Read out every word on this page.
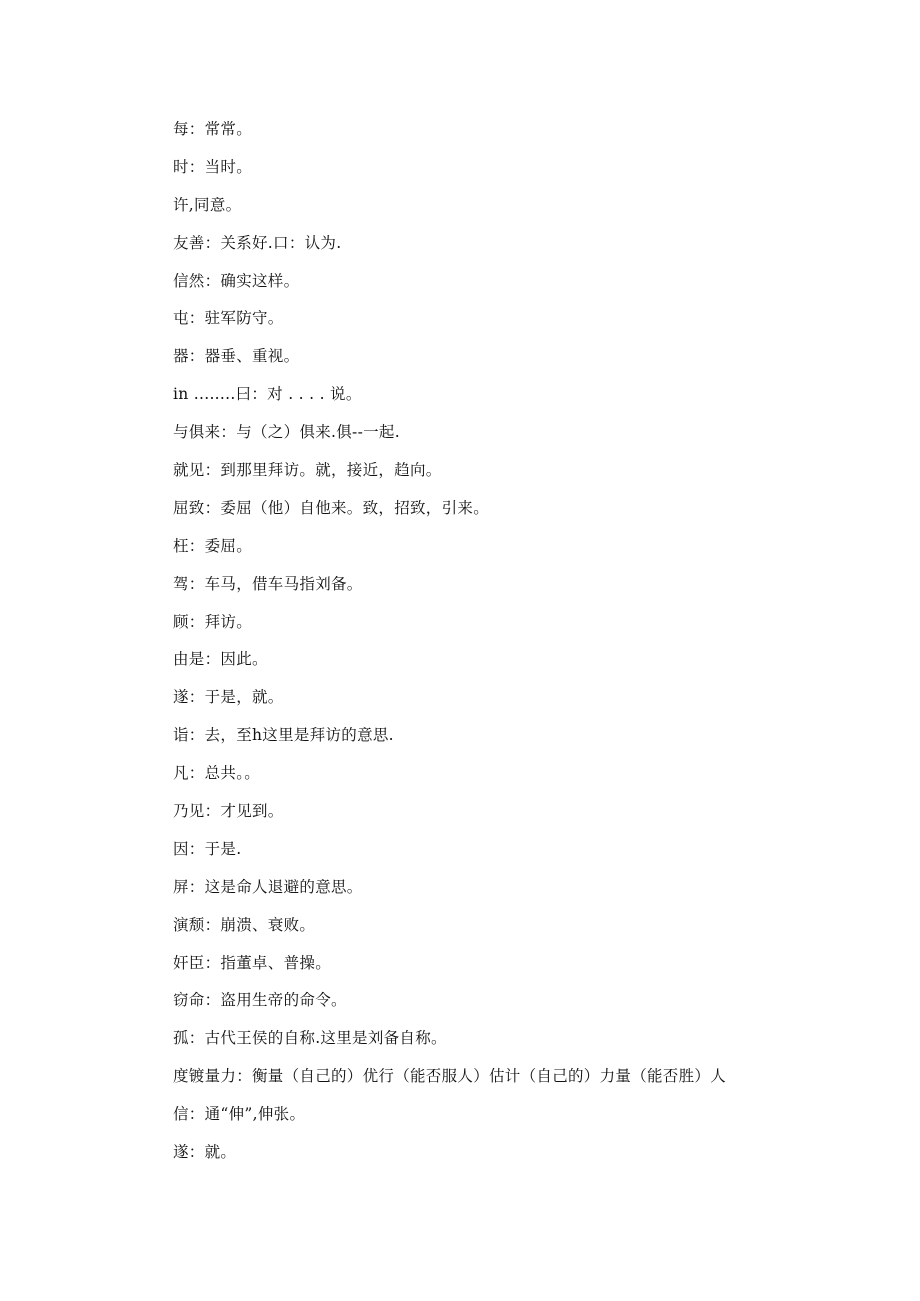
每：常常。
时：当时。
许,同意。
友善：关系好.口：认为.
信然：确实这样。
屯：驻军防守。
器：器垂、重视。
in ........曰：对 . . . . 说。
与俱来：与（之）俱来.俱--一起.
就见：到那里拜访。就，接近，趋向。
屈致：委屈（他）自他来。致，招致，引来。
枉：委屈。
驾：车马，借车马指刘备。
顾：拜访。
由是：因此。
遂：于是，就。
诣：去，至h这里是拜访的意思.
凡：总共。。
乃见：才见到。
因：于是.
屏：这是命人退避的意思。
演颓：崩溃、衰败。
奸臣：指董卓、普操。
窃命：盗用生帝的命令。
孤：古代王侯的自称.这里是刘备自称。
度镀量力：衡量（自己的）优行（能否服人）估计（自己的）力量（能否胜）人
信：通“伸”,伸张。
遂：就。
